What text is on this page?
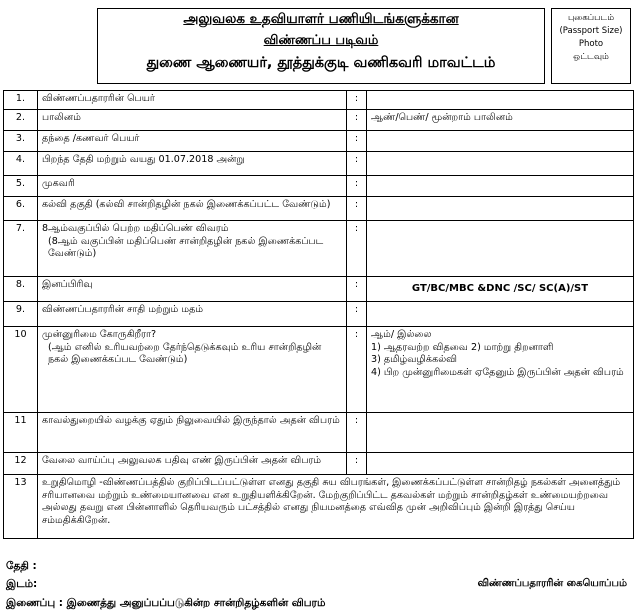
அலுவலக உதவியாளர் பணியிடங்களுக்கான
விண்ணப்ப படிவம்
துணை ஆணையர், தூத்துக்குடி வணிகவரி மாவட்டம்
புகைப்படம்
(Passport Size)
Photo
ஒட்டவும்
1.	விண்ணப்பதாரரின் பெயர்	:	
2.	பாலினம்	:	ஆண்/பெண்/ மூன்றாம் பாலினம்
3.	தந்தை /கணவர் பெயர்	:	
4.	பிறந்த தேதி மற்றும் வயது 01.07.2018 அன்று	:	
5.	முகவரி	:	
6.	கல்வி தகுதி (கல்வி சான்றிதழின் நகல் இணைக்கப்பட்ட வேண்டும்)	:	
7.	8ஆம்வகுப்பில் பெற்ற மதிப்பெண் விவரம்
(8ஆம் வகுப்பின் மதிப்பெண் சான்றிதழின் நகல் இணைக்கப்பட வேண்டும்)	:	
8.	இனப்பிரிவு	:	GT/BC/MBC &DNC /SC/ SC(A)/ST
9.	விண்ணப்பதாரரின் சாதி மற்றும் மதம்	:	
10	முன்னுரிமை கோருகிறீரா?
(ஆம் எனில் உரியவற்றை தேர்ந்தெடுக்கவும் உரிய சான்றிதழின் நகல் இணைக்கப்பட வேண்டும்)	:	ஆம்/ இல்லை
1) ஆதரவற்ற விதவை 2) மாற்று திறனாளி
3) தமிழ்வழிக்கல்வி
4) பிற முன்னுரிமைகள் ஏதேனும் இருப்பின் அதன் விபரம்

11	காவல்துறையில் வழக்கு ஏதும் நிலுவையில் இருந்தால் அதன் விபரம்	:	
12	வேலை வாய்ப்பு அலுவலக பதிவு எண் இருப்பின் அதன் விபரம்	:	
13	உறுதிமொழி -விண்ணப்பத்தில் குறிப்பிடப்பட்டுள்ள எனது தகுதி சுய விபரங்கள், இணைக்கப்பட்டுள்ள சான்றிதழ் நகல்கள் அனைத்தும் சரியானவை மற்றும் உண்மையானவை என உறுதியளிக்கிறேன். மேற்குறிப்பிட்ட தகவல்கள் மற்றும் சான்றிதழ்கள் உண்மையற்றவை அல்லது தவறு என பின்னாளில் தெரியவரும் பட்சத்தில் எனது நியமனத்தை எவ்வித முன் அறிவிப்பும் இன்றி இரத்து செய்ய சம்மதிக்கிறேன்.		
தேதி :
இடம்:	விண்ணப்பதாரரின் கையொப்பம்
இணைப்பு : இணைத்து அனுப்பப்படுகின்ற சான்றிதழ்களின் விபரம்
